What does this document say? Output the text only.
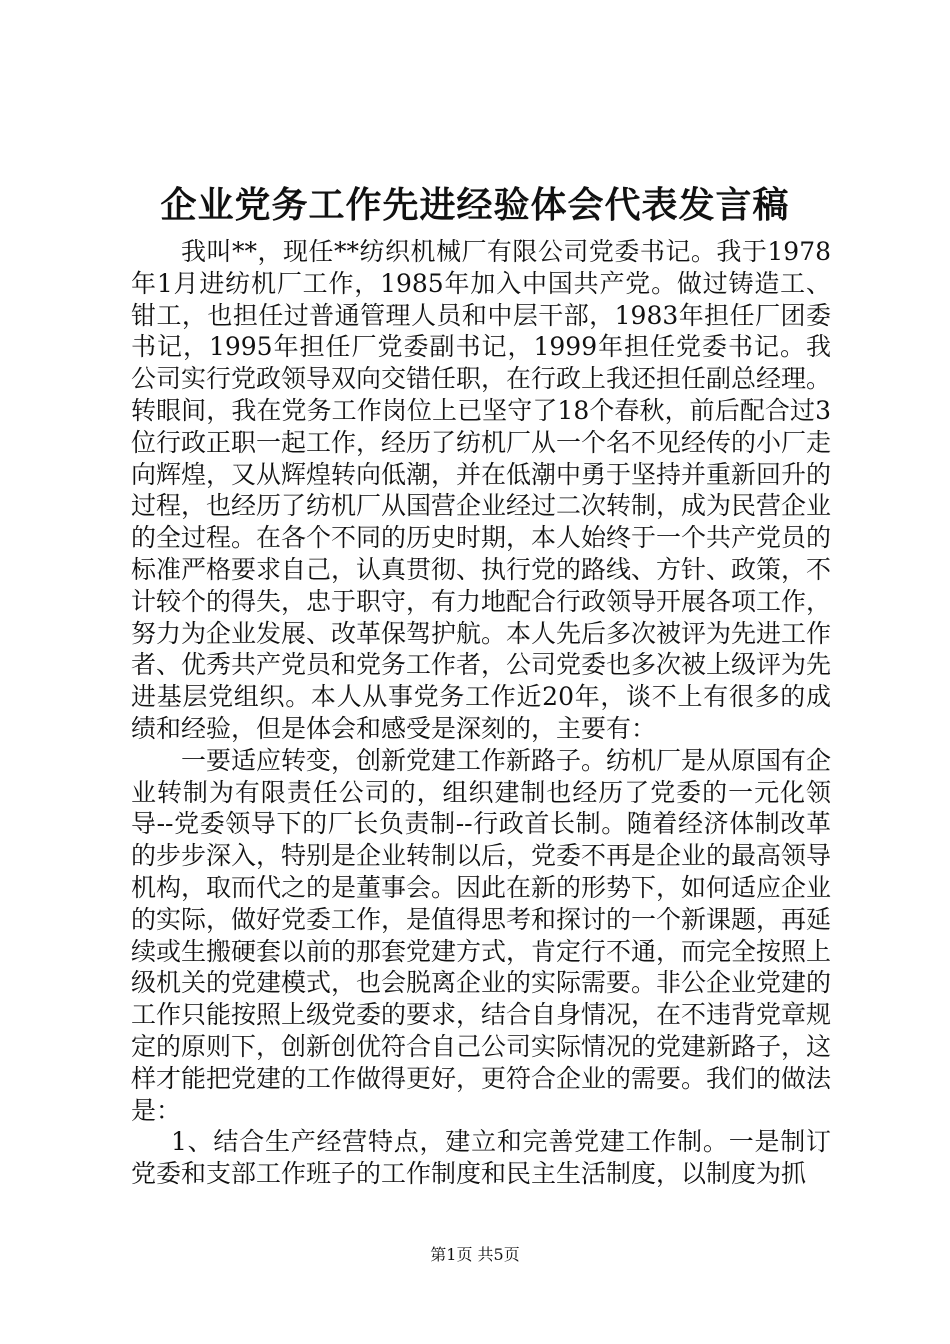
企业党务工作先进经验体会代表发言稿

我叫**，现任**纺织机械厂有限公司党委书记。我于1978年1月进纺机厂工作，1985年加入中国共产党。做过铸造工、钳工，也担任过普通管理人员和中层干部，1983年担任厂团委书记，1995年担任厂党委副书记，1999年担任党委书记。我公司实行党政领导双向交错任职，在行政上我还担任副总经理。转眼间，我在党务工作岗位上已坚守了18个春秋，前后配合过3位行政正职一起工作，经历了纺机厂从一个名不见经传的小厂走向辉煌，又从辉煌转向低潮，并在低潮中勇于坚持并重新回升的过程，也经历了纺机厂从国营企业经过二次转制，成为民营企业的全过程。在各个不同的历史时期，本人始终于一个共产党员的标准严格要求自己，认真贯彻、执行党的路线、方针、政策，不计较个的得失，忠于职守，有力地配合行政领导开展各项工作，努力为企业发展、改革保驾护航。本人先后多次被评为先进工作者、优秀共产党员和党务工作者，公司党委也多次被上级评为先进基层党组织。本人从事党务工作近20年，谈不上有很多的成绩和经验，但是体会和感受是深刻的，主要有：

一要适应转变，创新党建工作新路子。纺机厂是从原国有企业转制为有限责任公司的，组织建制也经历了党委的一元化领导--党委领导下的厂长负责制--行政首长制。随着经济体制改革的步步深入，特别是企业转制以后，党委不再是企业的最高领导机构，取而代之的是董事会。因此在新的形势下，如何适应企业的实际，做好党委工作，是值得思考和探讨的一个新课题，再延续或生搬硬套以前的那套党建方式，肯定行不通，而完全按照上级机关的党建模式，也会脱离企业的实际需要。非公企业党建的工作只能按照上级党委的要求，结合自身情况，在不违背党章规定的原则下，创新创优符合自己公司实际情况的党建新路子，这样才能把党建的工作做得更好，更符合企业的需要。我们的做法是：

1、结合生产经营特点，建立和完善党建工作制。一是制订党委和支部工作班子的工作制度和民主生活制度，以制度为抓

第1页 共5页
